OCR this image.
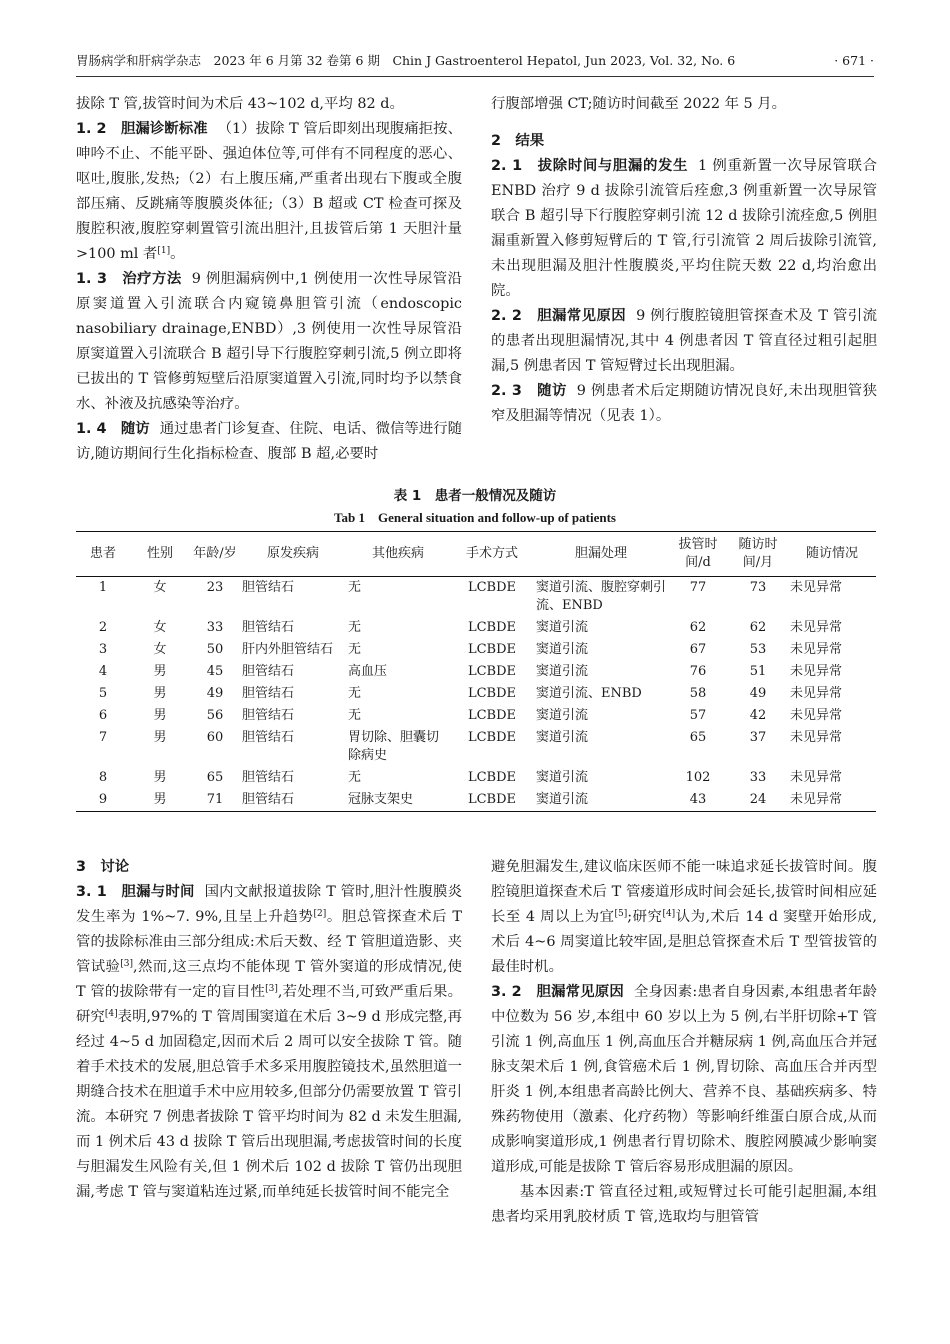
胃肠病学和肝病学杂志　2023 年 6 月第 32 卷第 6 期　Chin J Gastroenterol Hepatol, Jun 2023, Vol. 32, No. 6	· 671 ·

拔除 T 管,拔管时间为术后 43~102 d,平均 82 d。

1. 2　胆漏诊断标准 （1）拔除 T 管后即刻出现腹痛拒按、呻吟不止、不能平卧、强迫体位等,可伴有不同程度的恶心、呕吐,腹胀,发热;（2）右上腹压痛,严重者出现右下腹或全腹部压痛、反跳痛等腹膜炎体征;（3）B 超或 CT 检查可探及腹腔积液,腹腔穿刺置管引流出胆汁,且拔管后第 1 天胆汁量>100 ml 者[1]。

1. 3　治疗方法 9 例胆漏病例中,1 例使用一次性导尿管沿原窦道置入引流联合内窥镜鼻胆管引流（endoscopic nasobiliary drainage,ENBD）,3 例使用一次性导尿管沿原窦道置入引流联合 B 超引导下行腹腔穿刺引流,5 例立即将已拔出的 T 管修剪短壁后沿原窦道置入引流,同时均予以禁食水、补液及抗感染等治疗。

1. 4　随访 通过患者门诊复查、住院、电话、微信等进行随访,随访期间行生化指标检查、腹部 B 超,必要时

行腹部增强 CT;随访时间截至 2022 年 5 月。

2　结果

2. 1　拔除时间与胆漏的发生 1 例重新置一次导尿管联合 ENBD 治疗 9 d 拔除引流管后痊愈,3 例重新置一次导尿管联合 B 超引导下行腹腔穿刺引流 12 d 拔除引流痊愈,5 例胆漏重新置入修剪短臂后的 T 管,行引流管 2 周后拔除引流管,未出现胆漏及胆汁性腹膜炎,平均住院天数 22 d,均治愈出院。

2. 2　胆漏常见原因 9 例行腹腔镜胆管探查术及 T 管引流的患者出现胆漏情况,其中 4 例患者因 T 管直径过粗引起胆漏,5 例患者因 T 管短臂过长出现胆漏。

2. 3　随访 9 例患者术后定期随访情况良好,未出现胆管狭窄及胆漏等情况（见表 1）。

表 1　患者一般情况及随访
Tab 1　General situation and follow-up of patients
患者	性别	年龄/岁	原发疾病	其他疾病	手术方式	胆漏处理	拔管时间/d	随访时间/月	随访情况
1	女	23	胆管结石	无	LCBDE	窦道引流、腹腔穿刺引流、ENBD	77	73	未见异常
2	女	33	胆管结石	无	LCBDE	窦道引流	62	62	未见异常
3	女	50	肝内外胆管结石	无	LCBDE	窦道引流	67	53	未见异常
4	男	45	胆管结石	高血压	LCBDE	窦道引流	76	51	未见异常
5	男	49	胆管结石	无	LCBDE	窦道引流、ENBD	58	49	未见异常
6	男	56	胆管结石	无	LCBDE	窦道引流	57	42	未见异常
7	男	60	胆管结石	胃切除、胆囊切除病史	LCBDE	窦道引流	65	37	未见异常
8	男	65	胆管结石	无	LCBDE	窦道引流	102	33	未见异常
9	男	71	胆管结石	冠脉支架史	LCBDE	窦道引流	43	24	未见异常

3　讨论

3. 1　胆漏与时间 国内文献报道拔除 T 管时,胆汁性腹膜炎发生率为 1%~7. 9%,且呈上升趋势[2]。胆总管探查术后 T 管的拔除标准由三部分组成:术后天数、经 T 管胆道造影、夹管试验[3],然而,这三点均不能体现 T 管外窦道的形成情况,使 T 管的拔除带有一定的盲目性[3],若处理不当,可致严重后果。研究[4]表明,97%的 T 管周围窦道在术后 3~9 d 形成完整,再经过 4~5 d 加固稳定,因而术后 2 周可以安全拔除 T 管。随着手术技术的发展,胆总管手术多采用腹腔镜技术,虽然胆道一期缝合技术在胆道手术中应用较多,但部分仍需要放置 T 管引流。本研究 7 例患者拔除 T 管平均时间为 82 d 未发生胆漏,而 1 例术后 43 d 拔除 T 管后出现胆漏,考虑拔管时间的长度与胆漏发生风险有关,但 1 例术后 102 d 拔除 T 管仍出现胆漏,考虑 T 管与窦道粘连过紧,而单纯延长拔管时间不能完全

避免胆漏发生,建议临床医师不能一味追求延长拔管时间。腹腔镜胆道探查术后 T 管瘘道形成时间会延长,拔管时间相应延长至 4 周以上为宜[5];研究[4]认为,术后 14 d 窦壁开始形成,术后 4~6 周窦道比较牢固,是胆总管探查术后 T 型管拔管的最佳时机。

3. 2　胆漏常见原因 全身因素:患者自身因素,本组患者年龄中位数为 56 岁,本组中 60 岁以上为 5 例,右半肝切除+T 管引流 1 例,高血压 1 例,高血压合并糖尿病 1 例,高血压合并冠脉支架术后 1 例,食管癌术后 1 例,胃切除、高血压合并丙型肝炎 1 例,本组患者高龄比例大、营养不良、基础疾病多、特殊药物使用（激素、化疗药物）等影响纤维蛋白原合成,从而成影响窦道形成,1 例患者行胃切除术、腹腔网膜减少影响窦道形成,可能是拔除 T 管后容易形成胆漏的原因。

基本因素:T 管直径过粗,或短臂过长可能引起胆漏,本组患者均采用乳胶材质 T 管,选取均与胆管管
